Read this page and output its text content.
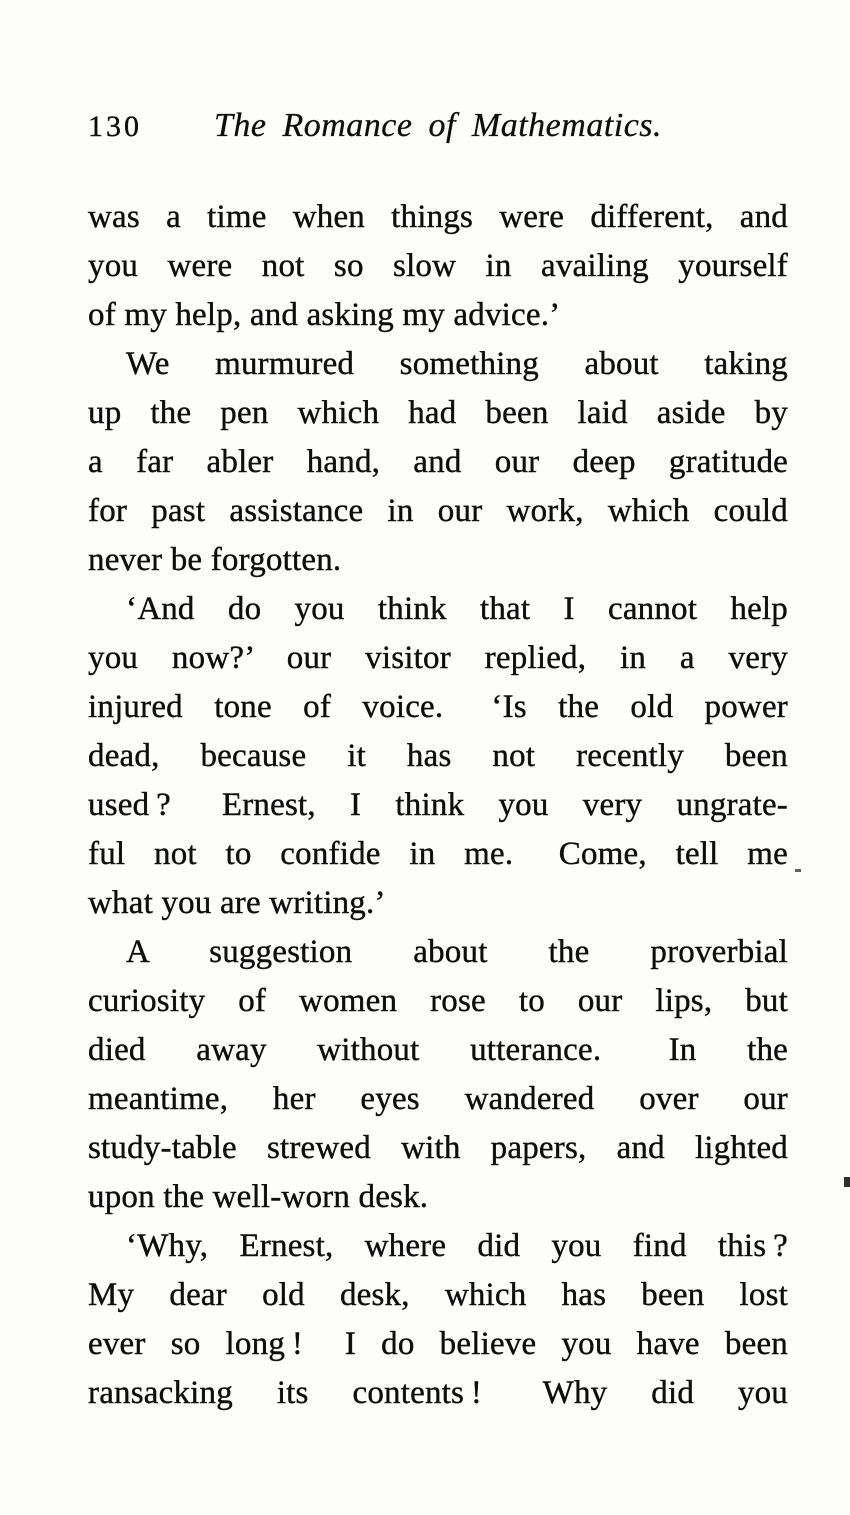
130	The Romance of Mathematics.
was a time when things were different, and
you were not so slow in availing yourself
of my help, and asking my advice.’
We murmured something about taking
up the pen which had been laid aside by
a far abler hand, and our deep gratitude
for past assistance in our work, which could
never be forgotten.
‘And do you think that I cannot help
you now?’ our visitor replied, in a very
injured tone of voice.  ‘Is the old power
dead, because it has not recently been
used ?  Ernest, I think you very ungrate-
ful not to confide in me.  Come, tell me
what you are writing.’
A suggestion about the proverbial
curiosity of women rose to our lips, but
died away without utterance.  In the
meantime, her eyes wandered over our
study-table strewed with papers, and lighted
upon the well-worn desk.
‘Why, Ernest, where did you find this ?
My dear old desk, which has been lost
ever so long !  I do believe you have been
ransacking its contents !  Why did you
